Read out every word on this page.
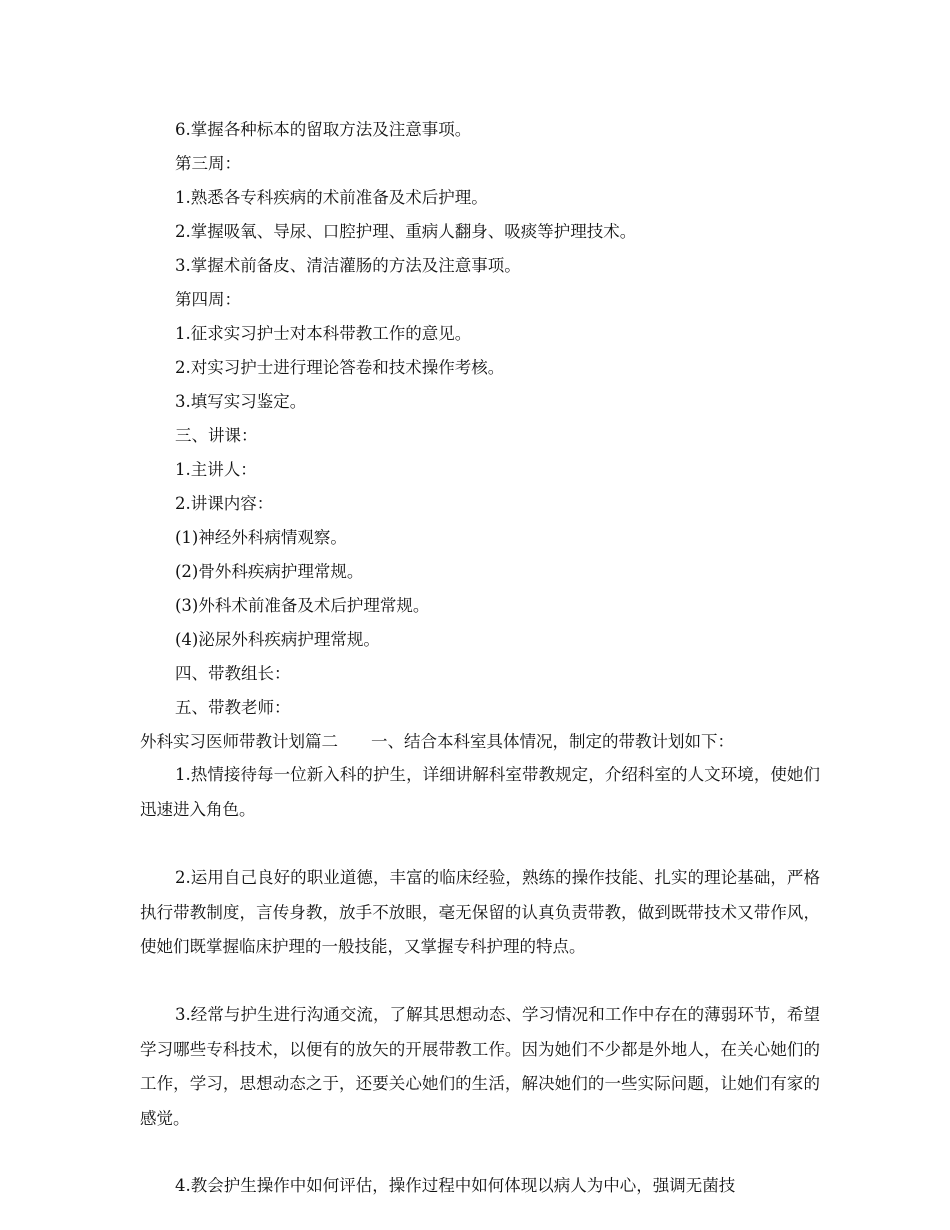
6.掌握各种标本的留取方法及注意事项。
第三周：
1.熟悉各专科疾病的术前准备及术后护理。
2.掌握吸氧、导尿、口腔护理、重病人翻身、吸痰等护理技术。
3.掌握术前备皮、清洁灌肠的方法及注意事项。
第四周：
1.征求实习护士对本科带教工作的意见。
2.对实习护士进行理论答卷和技术操作考核。
3.填写实习鉴定。
三、讲课：
1.主讲人：
2.讲课内容：
(1)神经外科病情观察。
(2)骨外科疾病护理常规。
(3)外科术前准备及术后护理常规。
(4)泌尿外科疾病护理常规。
四、带教组长：
五、带教老师：
外科实习医师带教计划篇二　　一、结合本科室具体情况，制定的带教计划如下：
1.热情接待每一位新入科的护生，详细讲解科室带教规定，介绍科室的人文环境，使她们迅速进入角色。
2.运用自己良好的职业道德，丰富的临床经验，熟练的操作技能、扎实的理论基础，严格执行带教制度，言传身教，放手不放眼，毫无保留的认真负责带教，做到既带技术又带作风，使她们既掌握临床护理的一般技能，又掌握专科护理的特点。
3.经常与护生进行沟通交流，了解其思想动态、学习情况和工作中存在的薄弱环节，希望学习哪些专科技术，以便有的放矢的开展带教工作。因为她们不少都是外地人，在关心她们的工作，学习，思想动态之于，还要关心她们的生活，解决她们的一些实际问题，让她们有家的感觉。
4.教会护生操作中如何评估，操作过程中如何体现以病人为中心，强调无菌技
